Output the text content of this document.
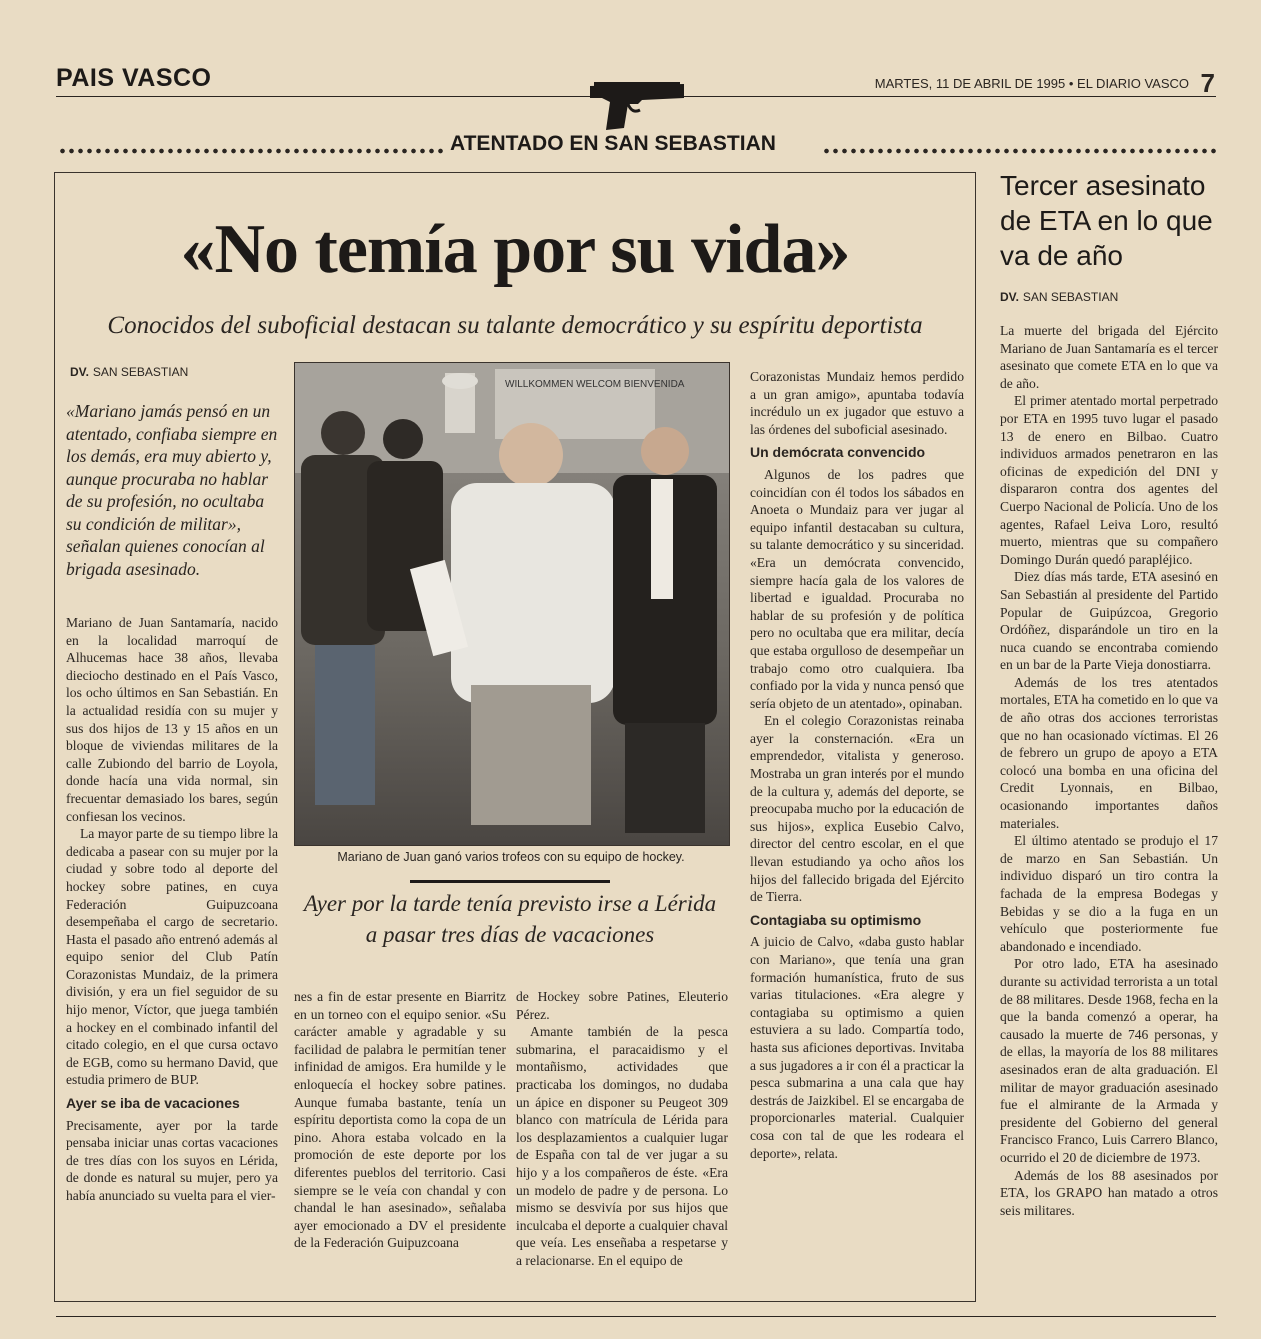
PAIS VASCO	MARTES, 11 DE ABRIL DE 1995 • EL DIARIO VASCO 7
ATENTADO EN SAN SEBASTIAN
«No temía por su vida»
Conocidos del suboficial destacan su talante democrático y su espíritu deportista
DV. SAN SEBASTIAN
«Mariano jamás pensó en un atentado, confiaba siempre en los demás, era muy abierto y, aunque procuraba no hablar de su profesión, no ocultaba su condición de militar», señalan quienes conocían al brigada asesinado.

Mariano de Juan Santamaría, nacido en la localidad marroquí de Alhucemas hace 38 años, llevaba dieciocho destinado en el País Vasco, los ocho últimos en San Sebastián. En la actualidad residía con su mujer y sus dos hijos de 13 y 15 años en un bloque de viviendas militares de la calle Zubiondo del barrio de Loyola, donde hacía una vida normal, sin frecuentar demasiado los bares, según confiesan los vecinos.

La mayor parte de su tiempo libre la dedicaba a pasear con su mujer por la ciudad y sobre todo al deporte del hockey sobre patines, en cuya Federación Guipuzcoana desempeñaba el cargo de secretario. Hasta el pasado año entrenó además al equipo senior del Club Patín Corazonistas Mundaiz, de la primera división, y era un fiel seguidor de su hijo menor, Víctor, que juega también a hockey en el combinado infantil del citado colegio, en el que cursa octavo de EGB, como su hermano David, que estudia primero de BUP.

Ayer se iba de vacaciones

Precisamente, ayer por la tarde pensaba iniciar unas cortas vacaciones de tres días con los suyos en Lérida, de donde es natural su mujer, pero ya había anunciado su vuelta para el vier-

WILLKOMMEN WELCOM BIENVENIDA
Mariano de Juan ganó varios trofeos con su equipo de hockey.
Ayer por la tarde tenía previsto irse a Lérida a pasar tres días de vacaciones

nes a fin de estar presente en Biarritz en un torneo con el equipo senior. «Su carácter amable y agradable y su facilidad de palabra le permitían tener infinidad de amigos. Era humilde y le enloquecía el hockey sobre patines. Aunque fumaba bastante, tenía un espíritu deportista como la copa de un pino. Ahora estaba volcado en la promoción de este deporte por los diferentes pueblos del territorio. Casi siempre se le veía con chandal y con chandal le han asesinado», señalaba ayer emocionado a DV el presidente de la Federación Guipuzcoana

de Hockey sobre Patines, Eleuterio Pérez.

Amante también de la pesca submarina, el paracaidismo y el montañismo, actividades que practicaba los domingos, no dudaba un ápice en disponer su Peugeot 309 blanco con matrícula de Lérida para los desplazamientos a cualquier lugar de España con tal de ver jugar a su hijo y a los compañeros de éste. «Era un modelo de padre y de persona. Lo mismo se desvivía por sus hijos que inculcaba el deporte a cualquier chaval que veía. Les enseñaba a respetarse y a relacionarse. En el equipo de

Corazonistas Mundaiz hemos perdido a un gran amigo», apuntaba todavía incrédulo un ex jugador que estuvo a las órdenes del suboficial asesinado.

Un demócrata convencido

Algunos de los padres que coincidían con él todos los sábados en Anoeta o Mundaiz para ver jugar al equipo infantil destacaban su cultura, su talante democrático y su sinceridad. «Era un demócrata convencido, siempre hacía gala de los valores de libertad e igualdad. Procuraba no hablar de su profesión y de política pero no ocultaba que era militar, decía que estaba orgulloso de desempeñar un trabajo como otro cualquiera. Iba confiado por la vida y nunca pensó que sería objeto de un atentado», opinaban.

En el colegio Corazonistas reinaba ayer la consternación. «Era un emprendedor, vitalista y generoso. Mostraba un gran interés por el mundo de la cultura y, además del deporte, se preocupaba mucho por la educación de sus hijos», explica Eusebio Calvo, director del centro escolar, en el que llevan estudiando ya ocho años los hijos del fallecido brigada del Ejército de Tierra.

Contagiaba su optimismo

A juicio de Calvo, «daba gusto hablar con Mariano», que tenía una gran formación humanística, fruto de sus varias titulaciones. «Era alegre y contagiaba su optimismo a quien estuviera a su lado. Compartía todo, hasta sus aficiones deportivas. Invitaba a sus jugadores a ir con él a practicar la pesca submarina a una cala que hay destrás de Jaizkibel. El se encargaba de proporcionarles material. Cualquier cosa con tal de que les rodeara el deporte», relata.

Tercer asesinato de ETA en lo que va de año
DV. SAN SEBASTIAN

La muerte del brigada del Ejército Mariano de Juan Santamaría es el tercer asesinato que comete ETA en lo que va de año.

El primer atentado mortal perpetrado por ETA en 1995 tuvo lugar el pasado 13 de enero en Bilbao. Cuatro individuos armados penetraron en las oficinas de expedición del DNI y dispararon contra dos agentes del Cuerpo Nacional de Policía. Uno de los agentes, Rafael Leiva Loro, resultó muerto, mientras que su compañero Domingo Durán quedó parapléjico.

Diez días más tarde, ETA asesinó en San Sebastián al presidente del Partido Popular de Guipúzcoa, Gregorio Ordóñez, disparándole un tiro en la nuca cuando se encontraba comiendo en un bar de la Parte Vieja donostiarra.

Además de los tres atentados mortales, ETA ha cometido en lo que va de año otras dos acciones terroristas que no han ocasionado víctimas. El 26 de febrero un grupo de apoyo a ETA colocó una bomba en una oficina del Credit Lyonnais, en Bilbao, ocasionando importantes daños materiales.

El último atentado se produjo el 17 de marzo en San Sebastián. Un individuo disparó un tiro contra la fachada de la empresa Bodegas y Bebidas y se dio a la fuga en un vehículo que posteriormente fue abandonado e incendiado.

Por otro lado, ETA ha asesinado durante su actividad terrorista a un total de 88 militares. Desde 1968, fecha en la que la banda comenzó a operar, ha causado la muerte de 746 personas, y de ellas, la mayoría de los 88 militares asesinados eran de alta graduación. El militar de mayor graduación asesinado fue el almirante de la Armada y presidente del Gobierno del general Francisco Franco, Luis Carrero Blanco, ocurrido el 20 de diciembre de 1973.

Además de los 88 asesinados por ETA, los GRAPO han matado a otros seis militares.
